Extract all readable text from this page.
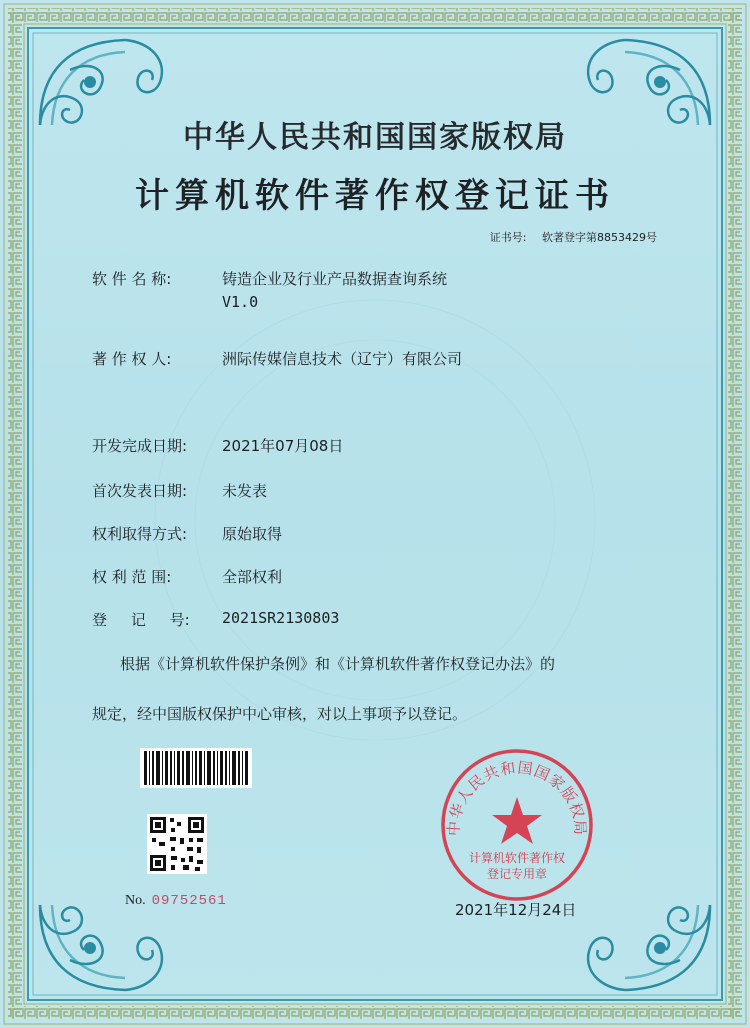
中华人民共和国国家版权局
计算机软件著作权登记证书
证书号: 软著登字第8853429号
软 件 名 称:	铸造企业及行业产品数据查询系统
V1.0
著 作 权 人:	洲际传媒信息技术（辽宁）有限公司
开发完成日期: 2021年07月08日
首次发表日期: 未发表
权利取得方式: 原始取得
权 利 范 围:	全部权利
登     记     号: 2021SR2130803
根据《计算机软件保护条例》和《计算机软件著作权登记办法》的
规定，经中国版权保护中心审核，对以上事项予以登记。
No. 09752561
中华人民共和国国家版权局
计算机软件著作权
登记专用章
2021年12月24日
